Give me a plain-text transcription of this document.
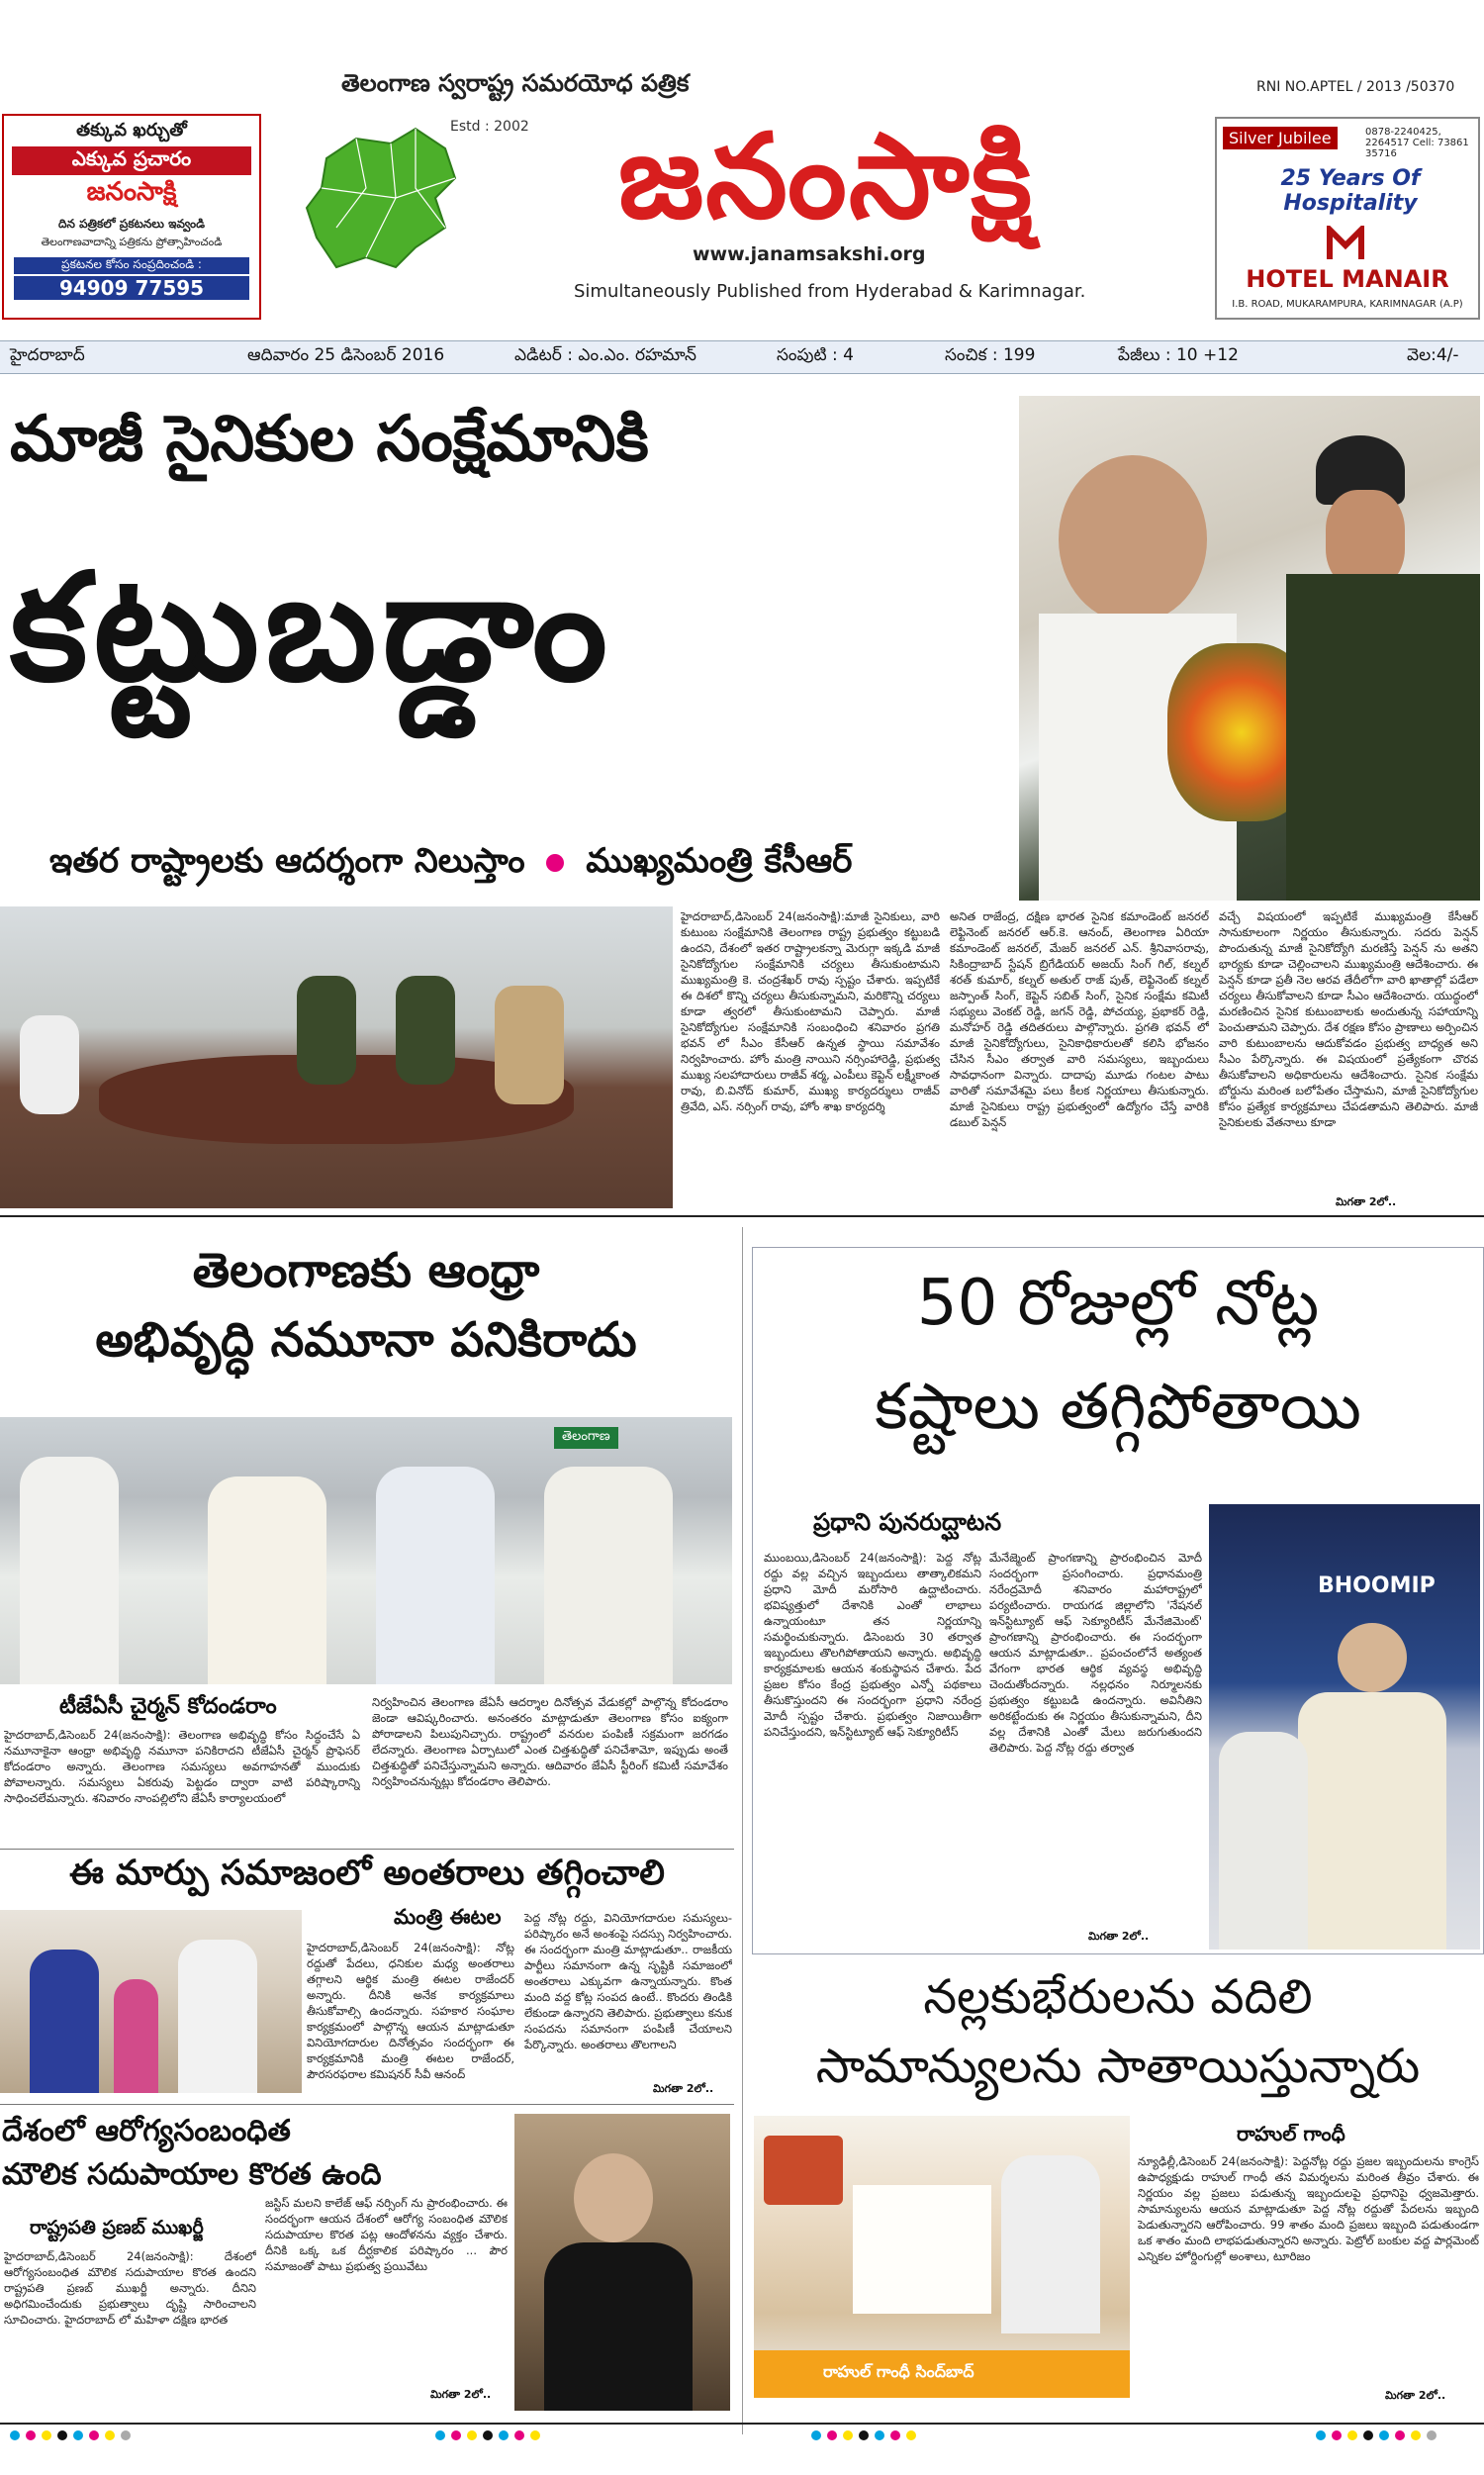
తక్కువ ఖర్చుతో
ఎక్కువ ప్రచారం
జనంసాక్షి
దిన పత్రికలో ప్రకటనలు ఇవ్వండి
తెలంగాణవాదాన్ని పత్రికను ప్రోత్సాహించండి
ప్రకటనల కోసం సంప్రదించండి :
94909 77595
తెలంగాణ స్వరాష్ట్ర సమరయోధ పత్రిక
Estd : 2002 జనంసాక్షి
www.janamsakshi.org
Simultaneously Published from Hyderabad & Karimnagar.
RNI NO.APTEL / 2013 /50370
Silver Jubilee	0878-2240425, 2264517 Cell: 73861 35716
25 Years Of Hospitality
HOTEL MANAIR
I.B. ROAD, MUKARAMPURA, KARIMNAGAR (A.P)
హైదరాబాద్	ఆదివారం 25 డిసెంబర్ 2016	ఎడిటర్ : ఎం.ఎం. రహమాన్	సంపుటి : 4	సంచిక : 199	పేజీలు : 10 +12	వెల:4/-
మాజీ సైనికుల సంక్షేమానికి
కట్టుబడ్డాం
ఇతర రాష్ట్రాలకు ఆదర్శంగా నిలుస్తాం ముఖ్యమంత్రి కేసీఆర్

హైదరాబాద్,డిసెంబర్ 24(జనంసాక్షి):మాజీ సైనికులు, వారి కుటుంబ సంక్షేమానికి తెలంగాణ రాష్ట్ర ప్రభుత్వం కట్టుబడి ఉందని, దేశంలో ఇతర రాష్ట్రాలకన్నా మెరుగ్గా ఇక్కడి మాజీ సైనికోద్యోగుల సంక్షేమానికి చర్యలు తీసుకుంటామని ముఖ్యమంత్రి కె. చంద్రశేఖర్ రావు స్పష్టం చేశారు. ఇప్పటికే ఈ దిశలో కొన్ని చర్యలు తీసుకున్నామని, మరికొన్ని చర్యలు కూడా త్వరలో తీసుకుంటామని చెప్పారు. మాజీ సైనికోద్యోగుల సంక్షేమానికి సంబంధించి శనివారం ప్రగతి భవన్ లో సీఎం కేసీఆర్ ఉన్నత స్థాయి సమావేశం నిర్వహించారు. హోం మంత్రి నాయిని నర్సింహారెడ్డి, ప్రభుత్వ ముఖ్య సలహాదారులు రాజీవ్ శర్మ, ఎంపీలు కెప్టెన్ లక్ష్మీకాంత రావు, బి.వినోద్ కుమార్, ముఖ్య కార్యదర్శులు రాజీవ్ త్రివేది, ఎస్. నర్సింగ్ రావు, హోం శాఖ కార్యదర్శి

అనిత రాజేంద్ర, దక్షిణ భారత సైనిక కమాండెంట్ జనరల్ లెఫ్టినెంట్ జనరల్ ఆర్.కె. ఆనంద్, తెలంగాణ ఏరియా కమాండెంట్ జనరల్, మేజర్ జనరల్ ఎన్. శ్రీనివాసరావు, సికింద్రాబాద్ స్టేషన్ బ్రిగేడియర్ అజయ్ సింగ్ గిల్, కల్నల్ శరత్ కుమార్, కల్నల్ అతుల్ రాజ్ పుత్, లెఫ్టినెంట్ కల్నల్ జస్పాంత్ సింగ్, కెప్టెన్ సబిత్ సింగ్, సైనిక సంక్షేమ కమిటీ సభ్యులు వెంకట్ రెడ్డి, జగన్ రెడ్డి, పోచయ్య, ప్రభాకర్ రెడ్డి, మనోహర్ రెడ్డి తదితరులు పాల్గొన్నారు. ప్రగతి భవన్ లో మాజీ సైనికోద్యోగులు, సైనికాధికారులతో కలిసి భోజనం చేసిన సీఎం తర్వాత వారి సమస్యలు, ఇబ్బందులు సావధానంగా విన్నారు. దాదాపు మూడు గంటల పాటు వారితో సమావేశమై పలు కీలక నిర్ణయాలు తీసుకున్నారు. మాజీ సైనికులు రాష్ట్ర ప్రభుత్వంలో ఉద్యోగం చేస్తే వారికి డబుల్ పెన్షన్

వచ్చే విషయంలో ఇప్పటికే ముఖ్యమంత్రి కేసీఆర్ సానుకూలంగా నిర్ణయం తీసుకున్నారు. సదరు పెన్షన్ పొందుతున్న మాజీ సైనికోద్యోగి మరణిస్తే పెన్షన్ ను అతని భార్యకు కూడా చెల్లించాలని ముఖ్యమంత్రి ఆదేశించారు. ఈ పెన్షన్ కూడా ప్రతీ నెల ఆరవ తేదీలోగా వారి ఖాతాల్లో పడేలా చర్యలు తీసుకోవాలని కూడా సీఎం ఆదేశించారు. యుద్ధంలో మరణించిన సైనిక కుటుంబాలకు అందుతున్న సహాయాన్ని పెంచుతామని చెప్పారు. దేశ రక్షణ కోసం ప్రాణాలు అర్పించిన వారి కుటుంబాలను ఆదుకోవడం ప్రభుత్వ బాధ్యత అని సీఎం పేర్కొన్నారు. ఈ విషయంలో ప్రత్యేకంగా చొరవ తీసుకోవాలని అధికారులను ఆదేశించారు. సైనిక సంక్షేమ బోర్డును మరింత బలోపేతం చేస్తామని, మాజీ సైనికోద్యోగుల కోసం ప్రత్యేక కార్యక్రమాలు చేపడతామని తెలిపారు. మాజీ సైనికులకు వేతనాలు కూడా

మిగతా 2లో..
తెలంగాణకు ఆంధ్రా
అభివృద్ధి నమూనా పనికిరాదు
తెలంగాణ
టీజేఏసీ చైర్మన్ కోదండరాం

హైదరాబాద్,డిసెంబర్ 24(జనంసాక్షి): తెలంగాణ అభివృద్ధి కోసం సిద్ధంచేసే ఏ నమూనాకైనా ఆంధ్రా అభివృద్ధి నమూనా పనికిరాదని టీజేఏసీ చైర్మన్ ప్రొఫెసర్ కోదండరాం అన్నారు. తెలంగాణ సమస్యలు అవగాహనతో ముందుకు పోవాలన్నారు. సమస్యలు ఏకరువు పెట్టడం ద్వారా వాటి పరిష్కారాన్ని సాధించలేమన్నారు. శనివారం నాంపల్లిలోని జేఏసీ కార్యాలయంలో

నిర్వహించిన తెలంగాణ జేఏసీ ఆదర్శాల దినోత్సవ వేడుకల్లో పాల్గొన్న కోదండరాం జెండా ఆవిష్కరించారు. అనంతరం మాట్లాడుతూ తెలంగాణ కోసం ఐక్యంగా పోరాడాలని పిలుపునిచ్చారు. రాష్ట్రంలో వనరుల పంపిణీ సక్రమంగా జరగడం లేదన్నారు. తెలంగాణ ఏర్పాటులో ఎంత చిత్తశుద్ధితో పనిచేశామో, ఇప్పుడు అంతే చిత్తశుద్ధితో పనిచేస్తున్నామని అన్నారు. ఆదివారం జేఏసీ స్టీరింగ్ కమిటీ సమావేశం నిర్వహించనున్నట్లు కోదండరాం తెలిపారు.

ఈ మార్పు సమాజంలో అంతరాలు తగ్గించాలి
మంత్రి ఈటల

హైదరాబాద్,డిసెంబర్ 24(జనంసాక్షి): నోట్ల రద్దుతో పేదలు, ధనికుల మధ్య అంతరాలు తగ్గాలని ఆర్థిక మంత్రి ఈటల రాజేందర్ అన్నారు. దీనికి అనేక కార్యక్రమాలు తీసుకోవాల్సి ఉందన్నారు. సహకార సంఘాల కార్యక్రమంలో పాల్గొన్న ఆయన మాట్లాడుతూ వినియోగదారుల దినోత్సవం సందర్భంగా ఈ కార్యక్రమానికి మంత్రి ఈటల రాజేందర్, పౌరసరఫరాల కమిషనర్ సీవీ ఆనంద్

పెద్ద నోట్ల రద్దు, వినియోగదారుల సమస్యలు- పరిష్కారం అనే అంశంపై సదస్సు నిర్వహించారు. ఈ సందర్భంగా మంత్రి మాట్లాడుతూ.. రాజకీయ పార్టీలు సమానంగా ఉన్న సృష్టికి సమాజంలో అంతరాలు ఎక్కువగా ఉన్నాయన్నారు. కొంత మంది వద్ద కోట్ల సంపద ఉంటే.. కొందరు తిండికి లేకుండా ఉన్నారని తెలిపారు. ప్రభుత్వాలు కనుక సంపదను సమానంగా పంపిణీ చేయాలని పేర్కొన్నారు. అంతరాలు తొలగాలని

మిగతా 2లో..
దేశంలో ఆరోగ్యసంబంధిత
మౌలిక సదుపాయాల కొరత ఉంది
రాష్ట్రపతి ప్రణబ్ ముఖర్జీ

హైదరాబాద్,డిసెంబర్ 24(జనంసాక్షి): దేశంలో ఆరోగ్యసంబంధిత మౌలిక సదుపాయాల కొరత ఉందని రాష్ట్రపతి ప్రణబ్ ముఖర్జీ అన్నారు. దీనిని అధిగమించేందుకు ప్రభుత్వాలు దృష్టి సారించాలని సూచించారు. హైదరాబాద్ లో మహిళా దక్షిణ భారత

జస్టిస్ మలని కాలేజ్ ఆఫ్ నర్సింగ్ ను ప్రారంభించారు. ఈ సందర్భంగా ఆయన దేశంలో ఆరోగ్య సంబంధిత మౌలిక సదుపాయాల కొరత పట్ల ఆందోళనను వ్యక్తం చేశారు. దీనికి ఒక్క ఒక దీర్ఘకాలిక పరిష్కారం ... పౌర సమాజంతో పాటు ప్రభుత్వ ప్రయివేటు

మిగతా 2లో..
50 రోజుల్లో నోట్ల
కష్టాలు తగ్గిపోతాయి
ప్రధాని పునరుద్ఘాటన

ముంబయి,డిసెంబర్ 24(జనంసాక్షి): పెద్ద నోట్ల రద్దు వల్ల వచ్చిన ఇబ్బందులు తాత్కాలికమని ప్రధాని మోదీ మరోసారి ఉద్ఘాటించారు. భవిష్యత్తులో దేశానికి ఎంతో లాభాలు ఉన్నాయంటూ తన నిర్ణయాన్ని సమర్థించుకున్నారు. డిసెంబరు 30 తర్వాత ఇబ్బందులు తొలగిపోతాయని అన్నారు. అభివృద్ధి కార్యక్రమాలకు ఆయన శంకుస్థాపన చేశారు. పేద ప్రజల కోసం కేంద్ర ప్రభుత్వం ఎన్నో పథకాలు తీసుకొస్తుందని ఈ సందర్భంగా ప్రధాని నరేంద్ర మోదీ స్పష్టం చేశారు. ప్రభుత్వం నిజాయితీగా పనిచేస్తుందని, ఇన్‌స్టిట్యూట్ ఆఫ్ సెక్యూరిటీస్

మేనేజ్మెంట్ ప్రాంగణాన్ని ప్రారంభించిన మోదీ సందర్భంగా ప్రసంగించారు. ప్రధానమంత్రి నరేంద్రమోదీ శనివారం మహారాష్ట్రలో పర్యటించారు. రాయగడ జిల్లాలోని 'నేషనల్ ఇన్‌స్టిట్యూట్ ఆఫ్ సెక్యూరిటీస్ మేనేజిమెంట్' ప్రాంగణాన్ని ప్రారంభించారు. ఈ సందర్భంగా ఆయన మాట్లాడుతూ.. ప్రపంచంలోనే అత్యంత వేగంగా భారత ఆర్థిక వ్యవస్థ అభివృద్ధి చెందుతోందన్నారు. నల్లధనం నిర్మూలనకు ప్రభుత్వం కట్టుబడి ఉందన్నారు. అవినీతిని అరికట్టేందుకు ఈ నిర్ణయం తీసుకున్నామని, దీని వల్ల దేశానికి ఎంతో మేలు జరుగుతుందని తెలిపారు. పెద్ద నోట్ల రద్దు తర్వాత

మిగతా 2లో..
BHOOMIP
నల్లకుభేరులను వదిలి
సామాన్యులను సాతాయిస్తున్నారు
రాహుల్ గాంధీ సింద్‌బాద్
రాహుల్ గాంధీ

న్యూఢిల్లీ,డిసెంబర్ 24(జనంసాక్షి): పెద్దనోట్ల రద్దు ప్రజల ఇబ్బందులను కాంగ్రెస్ ఉపాధ్యక్షుడు రాహుల్ గాంధీ తన విమర్శలను మరింత తీవ్రం చేశారు. ఈ నిర్ణయం వల్ల ప్రజలు పడుతున్న ఇబ్బందులపై ప్రధానిపై ధ్వజమెత్తారు. సామాన్యులను ఆయన మాట్లాడుతూ పెద్ద నోట్ల రద్దుతో పేదలను ఇబ్బంది పెడుతున్నారని ఆరోపించారు. 99 శాతం మంది ప్రజలు ఇబ్బంది పడుతుండగా ఒక శాతం మంది లాభపడుతున్నారని అన్నారు. పెట్రోల్ బంకుల వద్ద పార్లమెంట్ ఎన్నికల హోర్డింగుల్లో అంశాలు, టూరిజం

మిగతా 2లో..
